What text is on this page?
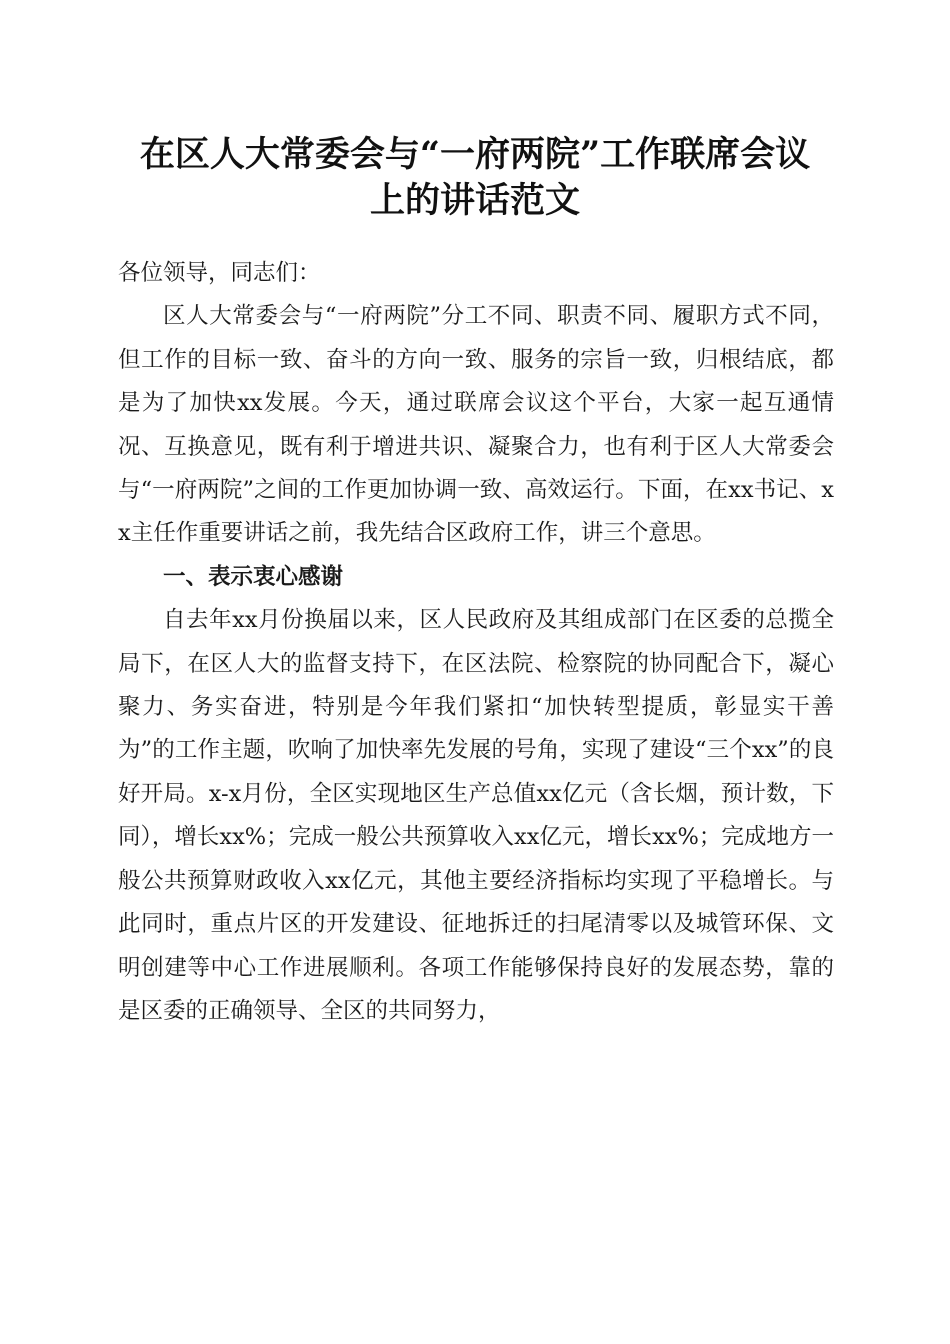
在区人大常委会与“一府两院”工作联席会议
上的讲话范文

各位领导，同志们：

区人大常委会与“一府两院”分工不同、职责不同、履职方式不同，但工作的目标一致、奋斗的方向一致、服务的宗旨一致，归根结底，都是为了加快xx发展。今天，通过联席会议这个平台，大家一起互通情况、互换意见，既有利于增进共识、凝聚合力，也有利于区人大常委会与“一府两院”之间的工作更加协调一致、高效运行。下面，在xx书记、xx主任作重要讲话之前，我先结合区政府工作，讲三个意思。

一、表示衷心感谢

自去年xx月份换届以来，区人民政府及其组成部门在区委的总揽全局下，在区人大的监督支持下，在区法院、检察院的协同配合下，凝心聚力、务实奋进，特别是今年我们紧扣“加快转型提质，彰显实干善为”的工作主题，吹响了加快率先发展的号角，实现了建设“三个xx”的良好开局。x-x月份，全区实现地区生产总值xx亿元（含长烟，预计数，下同），增长xx%；完成一般公共预算收入xx亿元，增长xx%；完成地方一般公共预算财政收入xx亿元，其他主要经济指标均实现了平稳增长。与此同时，重点片区的开发建设、征地拆迁的扫尾清零以及城管环保、文明创建等中心工作进展顺利。各项工作能够保持良好的发展态势，靠的是区委的正确领导、全区的共同努力，
